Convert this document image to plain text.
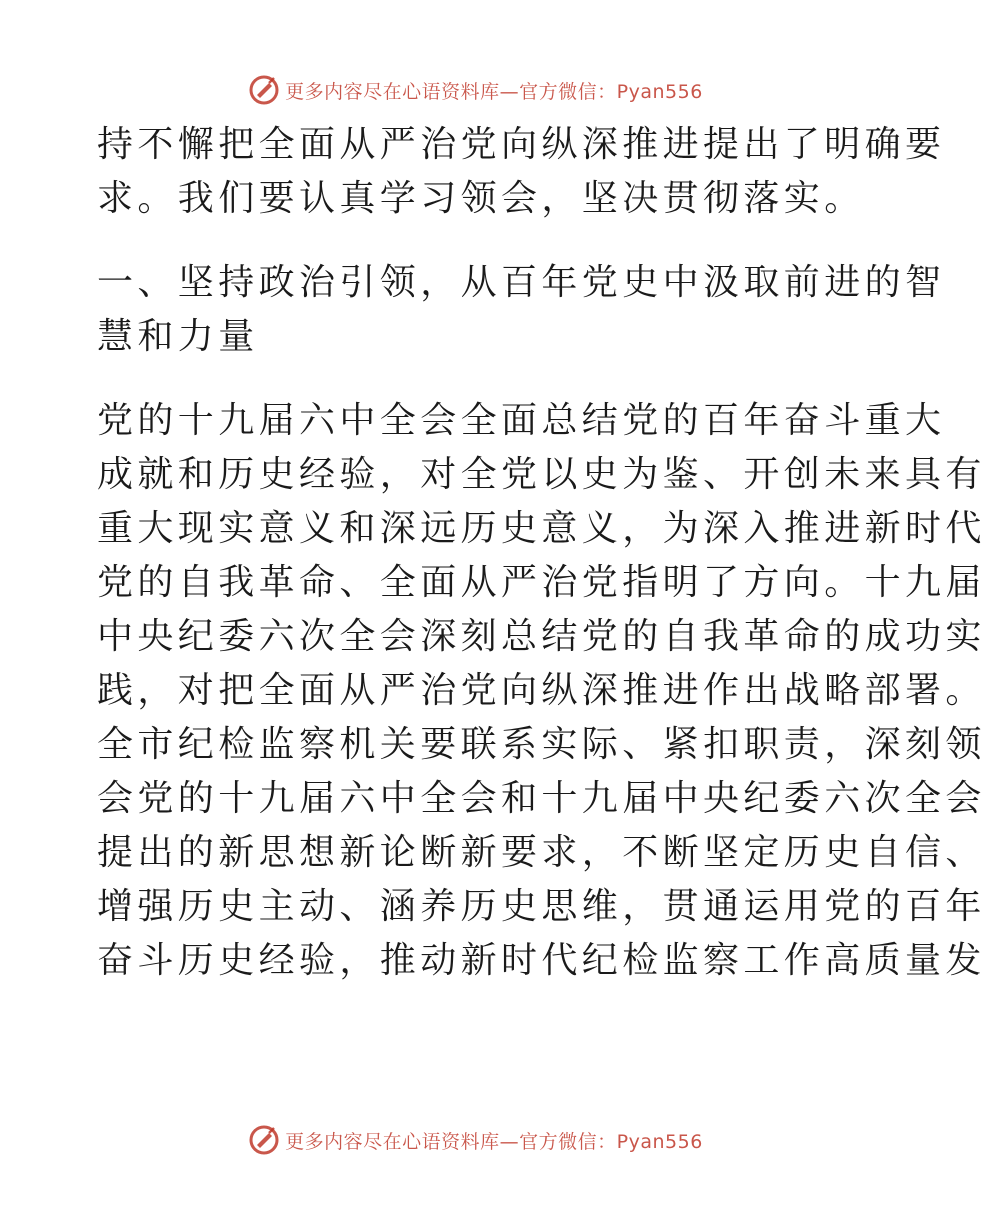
更多内容尽在心语资料库—官方微信：Pyan556
持不懈把全面从严治党向纵深推进提出了明确要
求。我们要认真学习领会，坚决贯彻落实。
一、坚持政治引领，从百年党史中汲取前进的智
慧和力量
党的十九届六中全会全面总结党的百年奋斗重大
成就和历史经验，对全党以史为鉴、开创未来具有
重大现实意义和深远历史意义，为深入推进新时代
党的自我革命、全面从严治党指明了方向。十九届
中央纪委六次全会深刻总结党的自我革命的成功实
践，对把全面从严治党向纵深推进作出战略部署。
全市纪检监察机关要联系实际、紧扣职责，深刻领
会党的十九届六中全会和十九届中央纪委六次全会
提出的新思想新论断新要求，不断坚定历史自信、
增强历史主动、涵养历史思维，贯通运用党的百年
奋斗历史经验，推动新时代纪检监察工作高质量发
更多内容尽在心语资料库—官方微信：Pyan556
